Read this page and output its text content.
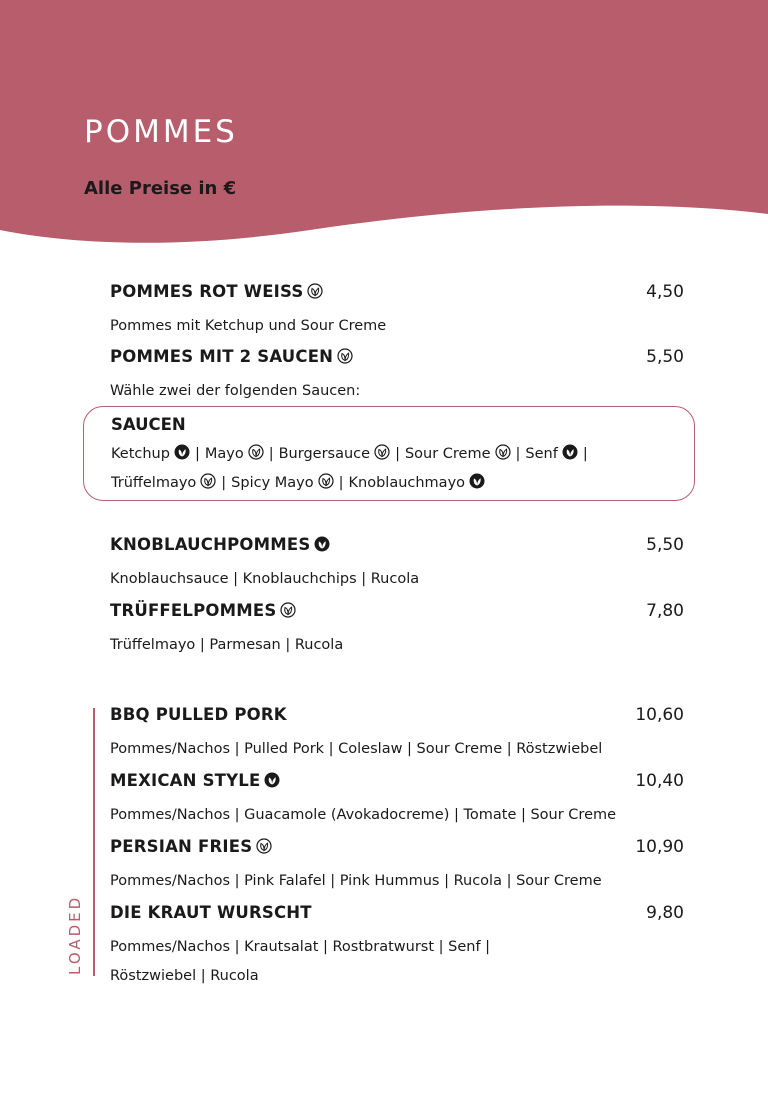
POMMES

Alle Preise in €

POMMES ROT WEISS	4,50
Pommes mit Ketchup und Sour Creme
POMMES MIT 2 SAUCEN	5,50
Wähle zwei der folgenden Saucen:
SAUCEN
Ketchup | Mayo | Burgersauce | Sour Creme | Senf |
Trüffelmayo | Spicy Mayo | Knoblauchmayo
KNOBLAUCHPOMMES	5,50
Knoblauchsauce | Knoblauchchips | Rucola
TRÜFFELPOMMES	7,80
Trüffelmayo | Parmesan | Rucola
LOADED
BBQ PULLED PORK	10,60
Pommes/Nachos | Pulled Pork | Coleslaw | Sour Creme | Röstzwiebel
MEXICAN STYLE	10,40
Pommes/Nachos | Guacamole (Avokadocreme) | Tomate | Sour Creme
PERSIAN FRIES	10,90
Pommes/Nachos | Pink Falafel | Pink Hummus | Rucola | Sour Creme
DIE KRAUT WURSCHT	9,80
Pommes/Nachos | Krautsalat | Rostbratwurst | Senf |
Röstzwiebel | Rucola
